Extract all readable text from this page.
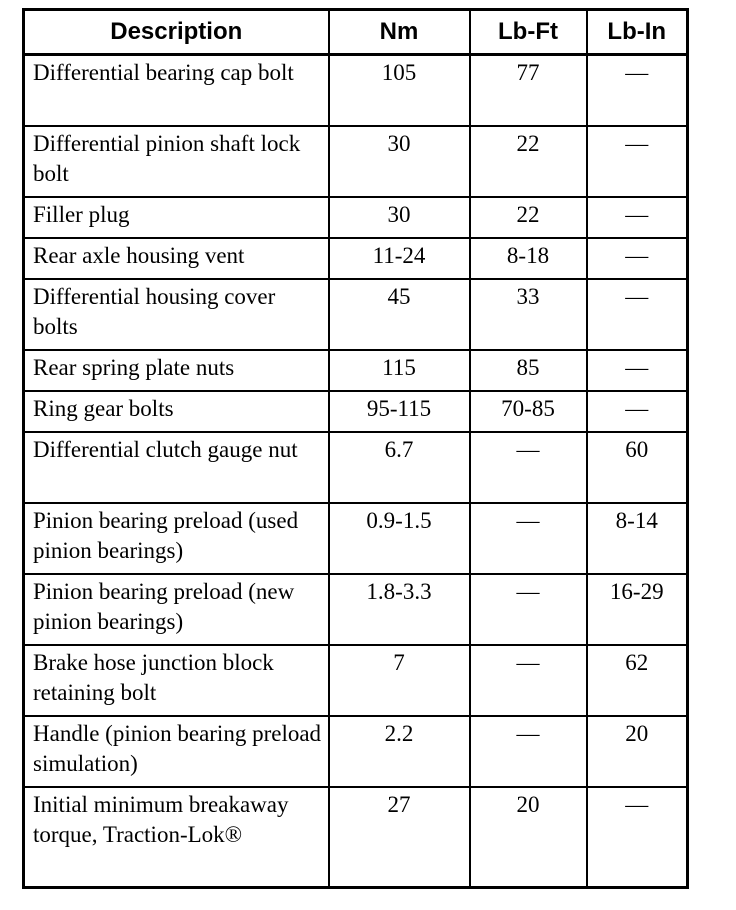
Description	Nm	Lb-Ft	Lb-In
Differential bearing cap bolt	105	77	—
Differential pinion shaft lock bolt	30	22	—
Filler plug	30	22	—
Rear axle housing vent	11-24	8-18	—
Differential housing cover bolts	45	33	—
Rear spring plate nuts	115	85	—
Ring gear bolts	95-115	70-85	—
Differential clutch gauge nut	6.7	—	60
Pinion bearing preload (used pinion bearings)	0.9-1.5	—	8-14
Pinion bearing preload (new pinion bearings)	1.8-3.3	—	16-29
Brake hose junction block retaining bolt	7	—	62
Handle (pinion bearing preload simulation)	2.2	—	20
Initial minimum breakaway torque, Traction-Lok®	27	20	—
